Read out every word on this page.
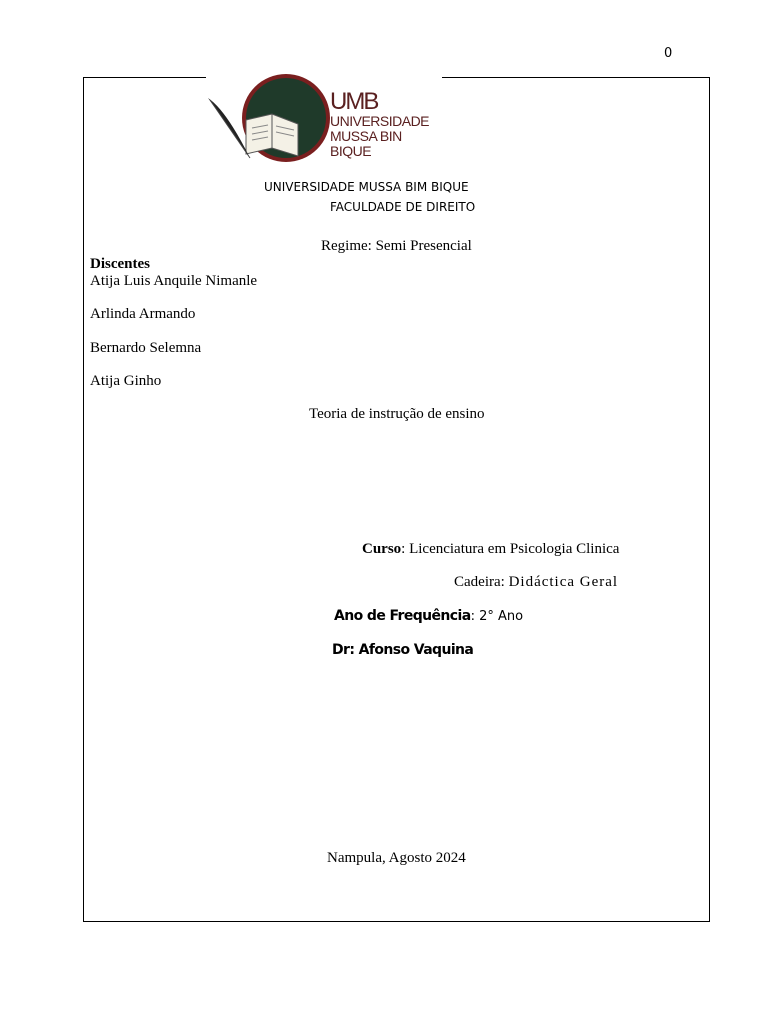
0
UMB
UNIVERSIDADE
MUSSA BIN BIQUE
UNIVERSIDADE MUSSA BIM BIQUE
FACULDADE DE DIREITO
Regime: Semi Presencial
Discentes
Atija Luis Anquile Nimanle
Arlinda Armando
Bernardo Selemna
Atija Ginho
Teoria de instrução de ensino
Curso: Licenciatura em Psicologia Clinica
Cadeira: Didáctica Geral
Ano de Frequência: 2° Ano
Dr: Afonso Vaquina
Nampula, Agosto 2024
